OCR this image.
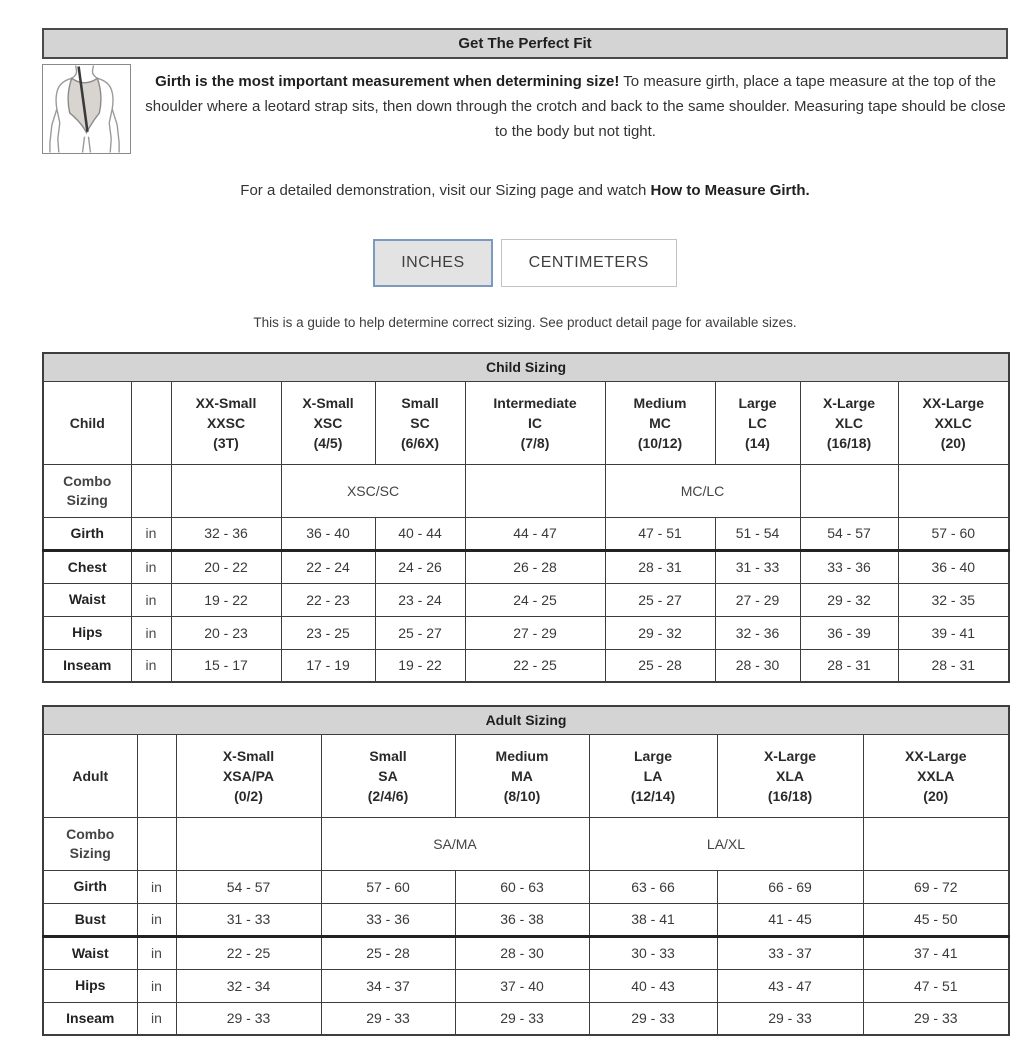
Get The Perfect Fit
Girth is the most important measurement when determining size! To measure girth, place a tape measure at the top of the shoulder where a leotard strap sits, then down through the crotch and back to the same shoulder. Measuring tape should be close to the body but not tight.
For a detailed demonstration, visit our Sizing page and watch How to Measure Girth.
INCHES	CENTIMETERS
This is a guide to help determine correct sizing. See product detail page for available sizes.
Child Sizing									
Child		XX-Small
XXSC
(3T)	X-Small
XSC
(4/5)	Small
SC
(6/6X)	Intermediate
IC
(7/8)	Medium
MC
(10/12)	Large
LC
(14)	X-Large
XLC
(16/18)	XX-Large
XXLC
(20)

Combo
Sizing			XSC/SC			MC/LC			
Girth	in	32 - 36	36 - 40	40 - 44	44 - 47	47 - 51	51 - 54	54 - 57	57 - 60
Chest	in	20 - 22	22 - 24	24 - 26	26 - 28	28 - 31	31 - 33	33 - 36	36 - 40
Waist	in	19 - 22	22 - 23	23 - 24	24 - 25	25 - 27	27 - 29	29 - 32	32 - 35
Hips	in	20 - 23	23 - 25	25 - 27	27 - 29	29 - 32	32 - 36	36 - 39	39 - 41
Inseam	in	15 - 17	17 - 19	19 - 22	22 - 25	25 - 28	28 - 30	28 - 31	28 - 31
Adult Sizing							
Adult		X-Small
XSA/PA
(0/2)	Small
SA
(2/4/6)	Medium
MA
(8/10)	Large
LA
(12/14)	X-Large
XLA
(16/18)	XX-Large
XXLA
(20)

Combo
Sizing			SA/MA		LA/XL		
Girth	in	54 - 57	57 - 60	60 - 63	63 - 66	66 - 69	69 - 72
Bust	in	31 - 33	33 - 36	36 - 38	38 - 41	41 - 45	45 - 50
Waist	in	22 - 25	25 - 28	28 - 30	30 - 33	33 - 37	37 - 41
Hips	in	32 - 34	34 - 37	37 - 40	40 - 43	43 - 47	47 - 51
Inseam	in	29 - 33	29 - 33	29 - 33	29 - 33	29 - 33	29 - 33
